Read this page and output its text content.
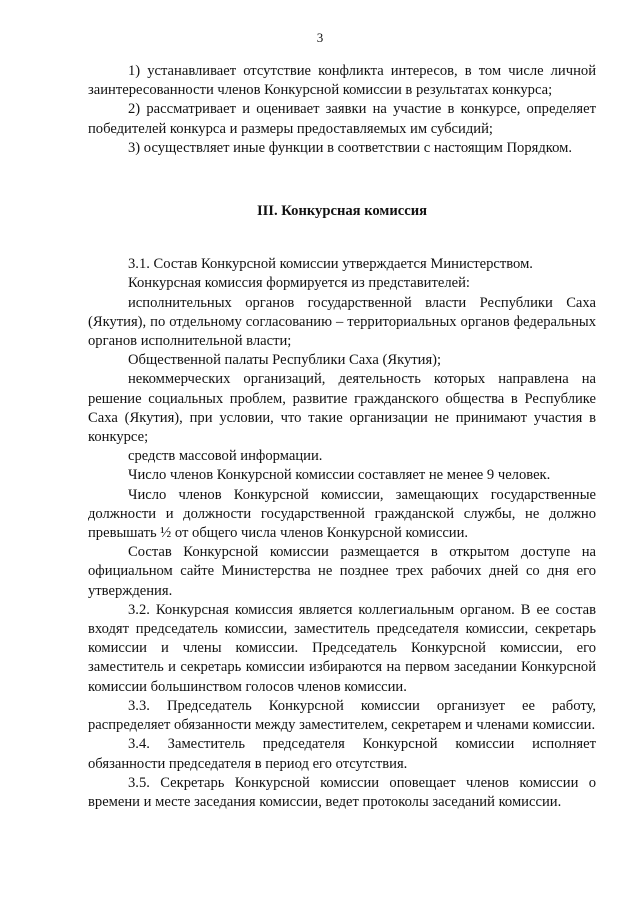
3

1) устанавливает отсутствие конфликта интересов, в том числе личной заинтересованности членов Конкурсной комиссии в результатах конкурса;

2) рассматривает и оценивает заявки на участие в конкурсе, определяет победителей конкурса и размеры предоставляемых им субсидий;

3) осуществляет иные функции в соответствии с настоящим Порядком.

III. Конкурсная комиссия

3.1. Состав Конкурсной комиссии утверждается Министерством.

Конкурсная комиссия формируется из представителей:

исполнительных органов государственной власти Республики Саха (Якутия), по отдельному согласованию – территориальных органов федеральных органов исполнительной власти;

Общественной палаты Республики Саха (Якутия);

некоммерческих организаций, деятельность которых направлена на решение социальных проблем, развитие гражданского общества в Республике Саха (Якутия), при условии, что такие организации не принимают участия в конкурсе;

средств массовой информации.

Число членов Конкурсной комиссии составляет не менее 9 человек.

Число членов Конкурсной комиссии, замещающих государственные должности и должности государственной гражданской службы, не должно превышать ½ от общего числа членов Конкурсной комиссии.

Состав Конкурсной комиссии размещается в открытом доступе на официальном сайте Министерства не позднее трех рабочих дней со дня его утверждения.

3.2. Конкурсная комиссия является коллегиальным органом. В ее состав входят председатель комиссии, заместитель председателя комиссии, секретарь комиссии и члены комиссии. Председатель Конкурсной комиссии, его заместитель и секретарь комиссии избираются на первом заседании Конкурсной комиссии большинством голосов членов комиссии.

3.3. Председатель Конкурсной комиссии организует ее работу, распределяет обязанности между заместителем, секретарем и членами комиссии.

3.4. Заместитель председателя Конкурсной комиссии исполняет обязанности председателя в период его отсутствия.

3.5. Секретарь Конкурсной комиссии оповещает членов комиссии о времени и месте заседания комиссии, ведет протоколы заседаний комиссии.
